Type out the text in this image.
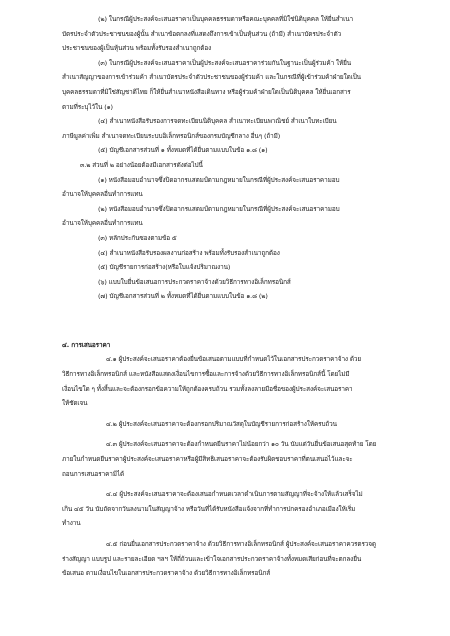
(๒) ในกรณีผู้ประสงค์จะเสนอราคาเป็นบุคคลธรรมดาหรือคณะบุคคลที่มิใช่นิติบุคคล ให้ยื่นสำเนา
บัตรประจำตัวประชาชนของผู้นั้น สำเนาข้อตกลงที่แสดงถึงการเข้าเป็นหุ้นส่วน (ถ้ามี) สำเนาบัตรประจำตัว
ประชาชนของผู้เป็นหุ้นส่วน พร้อมทั้งรับรองสำเนาถูกต้อง
(๓) ในกรณีผู้ประสงค์จะเสนอราคาเป็นผู้ประสงค์จะเสนอราคาร่วมกันในฐานะเป็นผู้ร่วมค้า ให้ยื่น
สำเนาสัญญาของการเข้าร่วมค้า สำเนาบัตรประจำตัวประชาชนของผู้ร่วมค้า และในกรณีที่ผู้เข้าร่วมค้าฝ่ายใดเป็น
บุคคลธรรมดาที่มิใช่สัญชาติไทย ก็ให้ยื่นสำเนาหนังสือเดินทาง หรือผู้ร่วมค้าฝ่ายใดเป็นนิติบุคคล ให้ยื่นเอกสาร
ตามที่ระบุไว้ใน (๑)
(๔) สำเนาหนังสือรับรองการจดทะเบียนนิติบุคคล สำเนาทะเบียนพาณิชย์ สำเนาใบทะเบียน
ภาษีมูลค่าเพิ่ม สำเนาจดทะเบียนระบบอิเล็กทรอนิกส์ของกรมบัญชีกลาง อื่นๆ (ถ้ามี)
(๕) บัญชีเอกสารส่วนที่ ๑ ทั้งหมดที่ได้ยื่นตามแบบในข้อ ๑.๘ (๑)
๓.๒ ส่วนที่ ๒ อย่างน้อยต้องมีเอกสารดังต่อไปนี้
(๑) หนังสือมอบอำนาจซึ่งปิดอากรแสตมป์ตามกฎหมายในกรณีที่ผู้ประสงค์จะเสนอราคามอบ
อำนาจให้บุคคลอื่นทำการแทน
(๒) หนังสือมอบอำนาจซึ่งปิดอากรแสตมป์ตามกฎหมายในกรณีที่ผู้ประสงค์จะเสนอราคามอบ
อำนาจให้บุคคลอื่นทำการแทน
(๓) หลักประกันซองตามข้อ ๕
(๔) สำเนาหนังสือรับรองผลงานก่อสร้าง พร้อมทั้งรับรองสำเนาถูกต้อง
(๕) บัญชีรายการก่อสร้าง(หรือใบแจ้งปริมาณงาน)
(๖) แบบใบยื่นข้อเสนอการประกวดราคาจ้างด้วยวิธีการทางอิเล็กทรอนิกส์
(๗) บัญชีเอกสารส่วนที่ ๒ ทั้งหมดที่ได้ยื่นตามแบบในข้อ ๑.๘ (๒)
๔. การเสนอราคา
๔.๑ ผู้ประสงค์จะเสนอราคาต้องยื่นข้อเสนอตามแบบที่กำหนดไว้ในเอกสารประกวดราคาจ้าง ด้วย
วิธีการทางอิเล็กทรอนิกส์ และหนังสือแสดงเงื่อนไขการซื้อและการจ้างด้วยวิธีการทางอิเล็กทรอนิกส์นี้ โดยไม่มี
เงื่อนไขใด ๆ ทั้งสิ้นและจะต้องกรอกข้อความให้ถูกต้องครบถ้วน รวมทั้งลงลายมือชื่อของผู้ประสงค์จะเสนอราคา
ให้ชัดเจน
๔.๒ ผู้ประสงค์จะเสนอราคาจะต้องกรอกปริมาณวัสดุในบัญชีรายการก่อสร้างให้ครบถ้วน
๔.๓ ผู้ประสงค์จะเสนอราคาจะต้องกำหนดยืนราคาไม่น้อยกว่า ๑๐ วัน นับแต่วันยื่นข้อเสนอสุดท้าย โดย
ภายในกำหนดยืนราคาผู้ประสงค์จะเสนอราคาหรือผู้มีสิทธิเสนอราคาจะต้องรับผิดชอบราคาที่ตนเสนอไว้และจะ
ถอนการเสนอราคามิได้
๔.๔ ผู้ประสงค์จะเสนอราคาจะต้องเสนอกำหนดเวลาดำเนินการตามสัญญาที่จะจ้างให้แล้วเสร็จไม่
เกิน ๔๕ วัน นับถัดจากวันลงนามในสัญญาจ้าง หรือวันที่ได้รับหนังสือแจ้งจากที่ทำการปกครองอำเภอเมืองให้เริ่ม
ทำงาน
๔.๕ ก่อนยื่นเอกสารประกวดราคาจ้าง ด้วยวิธีการทางอิเล็กทรอนิกส์ ผู้ประสงค์จะเสนอราคาควรตรวจดู
ร่างสัญญา แบบรูป และรายละเอียด ฯลฯ ให้ถี่ถ้วนและเข้าใจเอกสารประกวดราคาจ้างทั้งหมดเสียก่อนที่จะตกลงยื่น
ข้อเสนอ ตามเงื่อนไขในเอกสารประกวดราคาจ้าง ด้วยวิธีการทางอิเล็กทรอนิกส์
